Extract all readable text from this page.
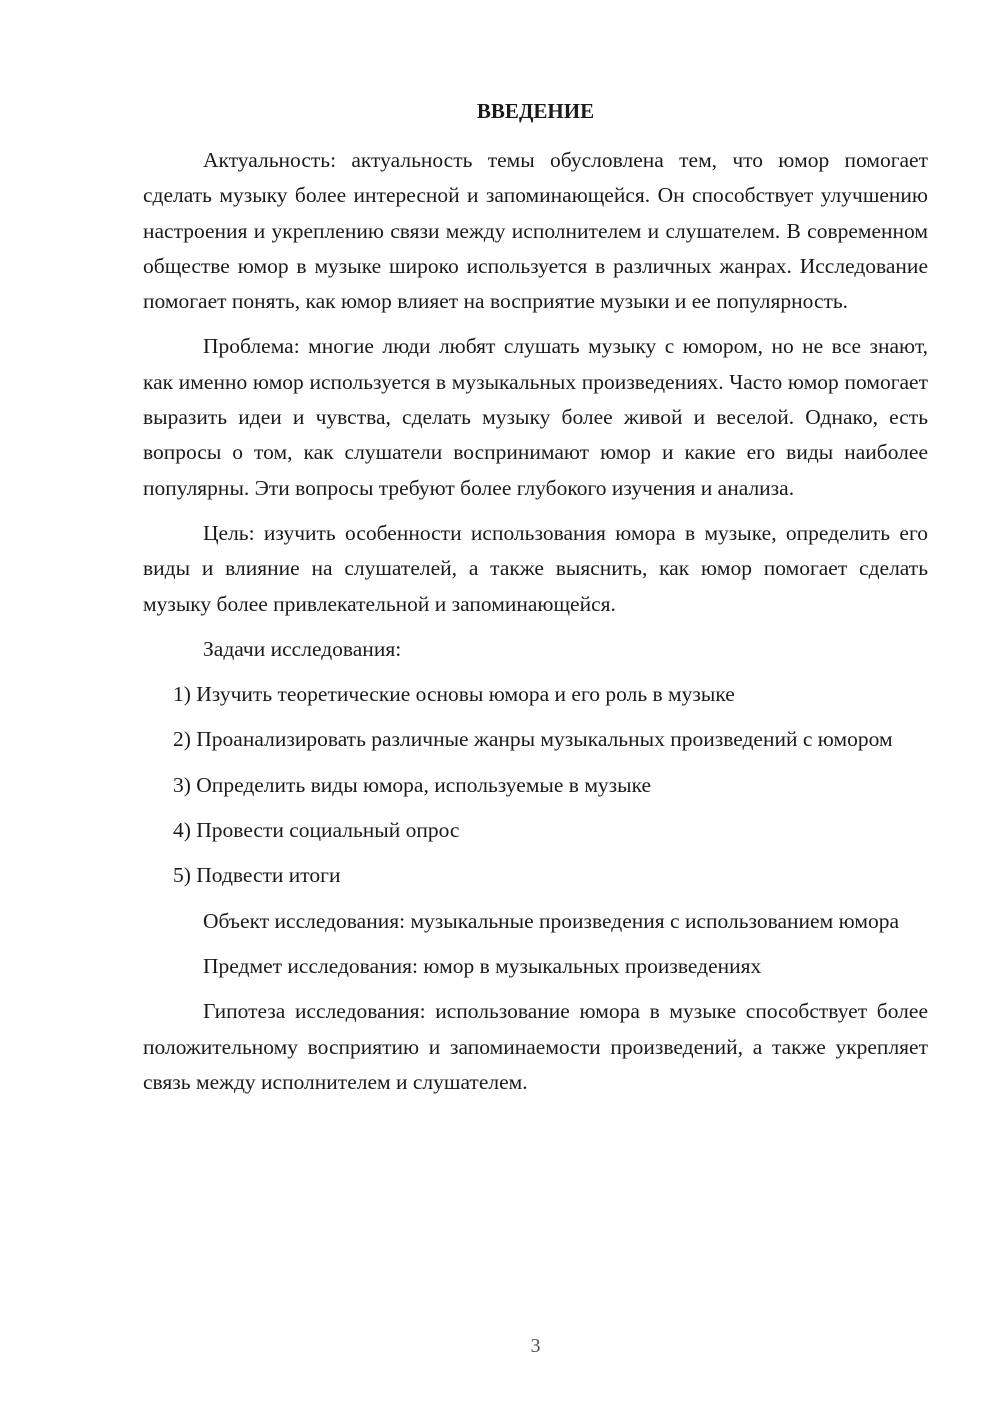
ВВЕДЕНИЕ

Актуальность: актуальность темы обусловлена тем, что юмор помогает сделать музыку более интересной и запоминающейся. Он способствует улучшению настроения и укреплению связи между исполнителем и слушателем. В современном обществе юмор в музыке широко используется в различных жанрах. Исследование помогает понять, как юмор влияет на восприятие музыки и ее популярность.

Проблема: многие люди любят слушать музыку с юмором, но не все знают, как именно юмор используется в музыкальных произведениях. Часто юмор помогает выразить идеи и чувства, сделать музыку более живой и веселой. Однако, есть вопросы о том, как слушатели воспринимают юмор и какие его виды наиболее популярны. Эти вопросы требуют более глубокого изучения и анализа.

Цель: изучить особенности использования юмора в музыке, определить его виды и влияние на слушателей, а также выяснить, как юмор помогает сделать музыку более привлекательной и запоминающейся.

Задачи исследования:

1) Изучить теоретические основы юмора и его роль в музыке

2) Проанализировать различные жанры музыкальных произведений с юмором

3) Определить виды юмора, используемые в музыке

4) Провести социальный опрос

5) Подвести итоги

Объект исследования: музыкальные произведения с использованием юмора

Предмет исследования: юмор в музыкальных произведениях

Гипотеза исследования: использование юмора в музыке способствует более положительному восприятию и запоминаемости произведений, а также укрепляет связь между исполнителем и слушателем.

3
